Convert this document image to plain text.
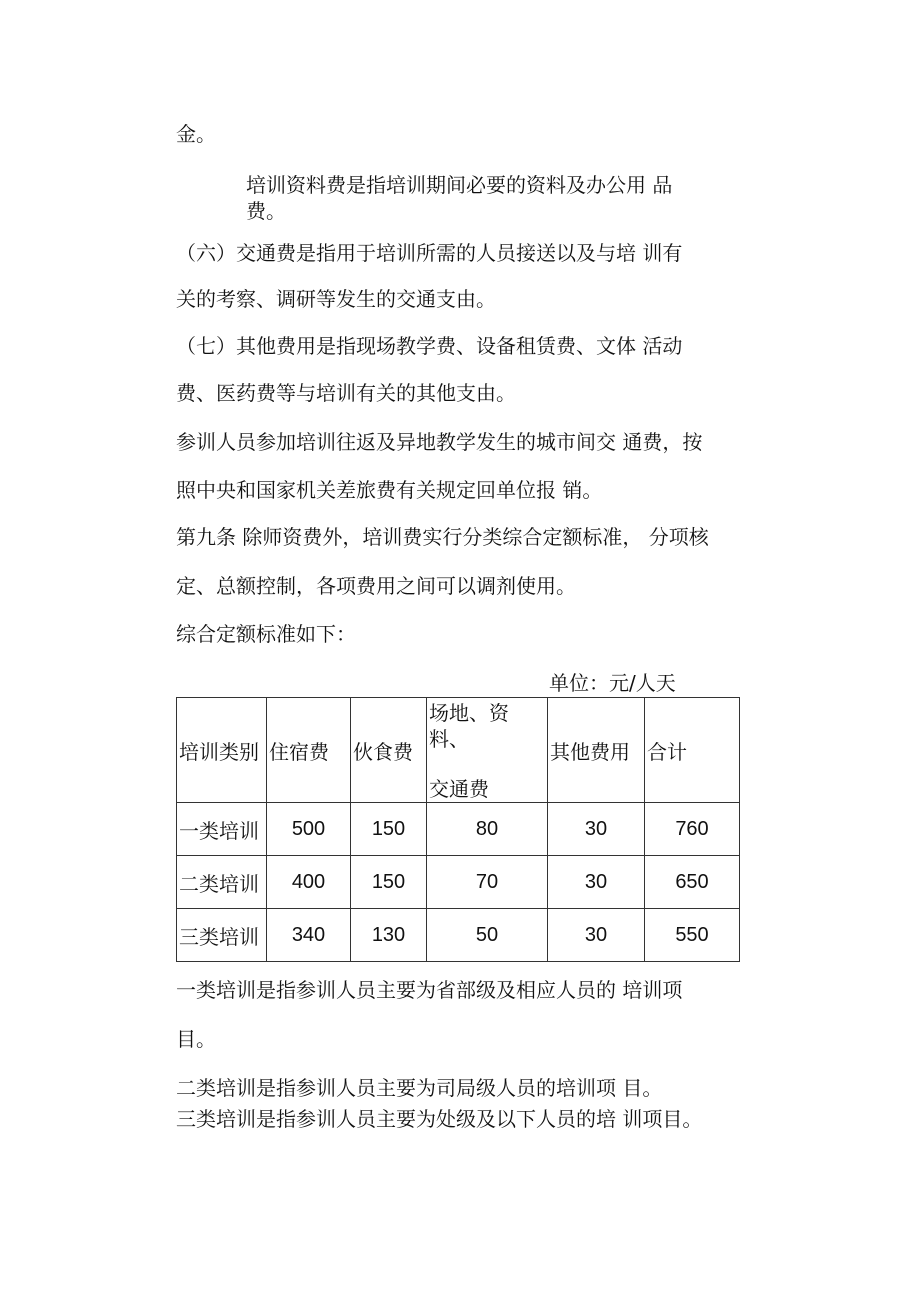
金。

培训资料费是指培训期间必要的资料及办公用 品

费。

（六）交通费是指用于培训所需的人员接送以及与培 训有

关的考察、调研等发生的交通支由。

（七）其他费用是指现场教学费、设备租赁费、文体 活动

费、医药费等与培训有关的其他支由。

参训人员参加培训往返及异地教学发生的城市间交 通费，按

照中央和国家机关差旅费有关规定回单位报 销。

第九条 除师资费外，培训费实行分类综合定额标准， 分项核

定、总额控制，各项费用之间可以调剂使用。

综合定额标准如下：

单位：元/人天
培训类别	住宿费	伙食费	场地、资
料、
交通费	其他费用	合计
一类培训	500	150	80	30	760
二类培训	400	150	70	30	650
三类培训	340	130	50	30	550

一类培训是指参训人员主要为省部级及相应人员的 培训项

目。

二类培训是指参训人员主要为司局级人员的培训项 目。

三类培训是指参训人员主要为处级及以下人员的培 训项目。
